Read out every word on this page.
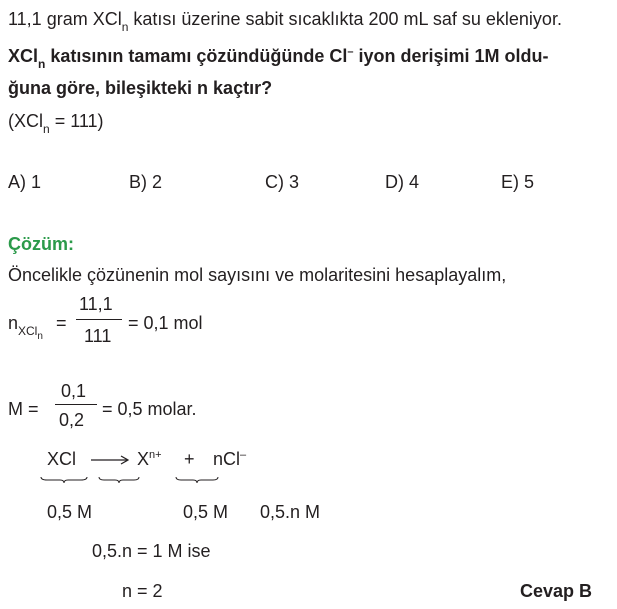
11,1 gram XCl$_n$ katısı üzerine sabit sıcaklıkta 200 mL saf su ekleniyor.
XCl$_n$ katısının tamamı çözündüğünde Cl– iyon derişimi 1M oldu-
ğuna göre, bileşikteki n kaçtır?
(XCl$_n$ = 111)
A) 1	B) 2	C) 3	D) 4	E) 5
Çözüm:
Öncelikle çözünenin mol sayısını ve molaritesini hesaplayalım,
$n_{XCln}$
=
11,1
111
= 0,1 mol
M =
0,1
0,2
= 0,5 molar.
XCl → $X^{n+} + nCl^-$
0,5 M	0,5 M 0,5.n M
0,5.n = 1 M ise
n = 2	Cevap B
